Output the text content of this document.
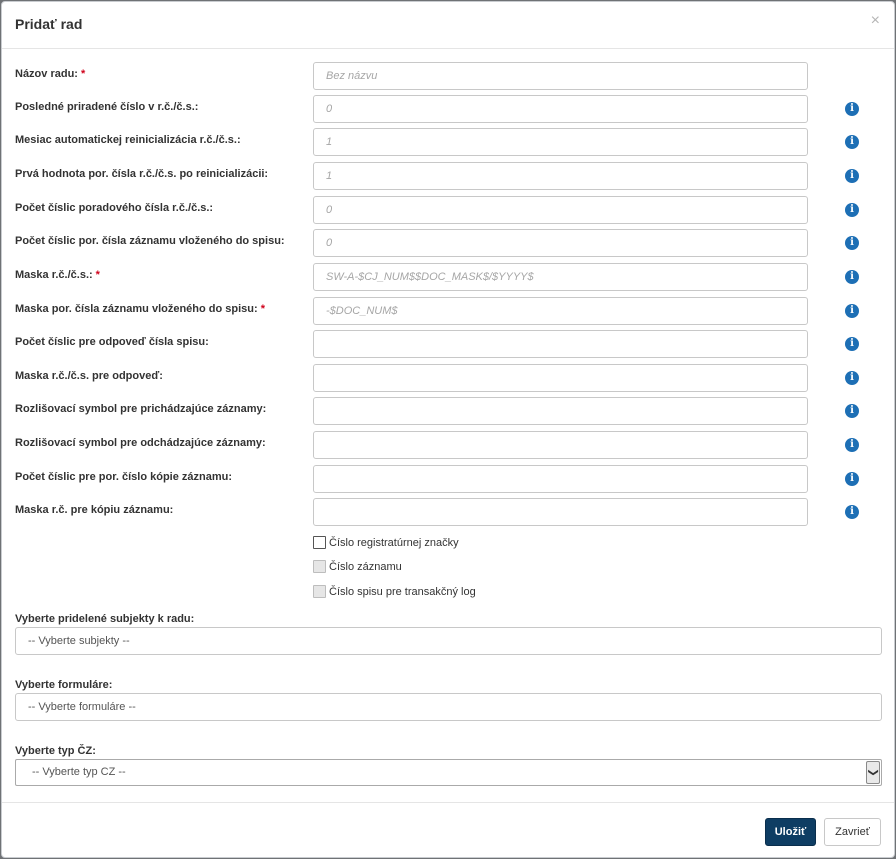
Pridať rad	×
Názov radu: *
Bez názvu
Posledné priradené číslo v r.č./č.s.:
0	i
Mesiac automatickej reinicializácia r.č./č.s.:
1	i
Prvá hodnota por. čísla r.č./č.s. po reinicializácii:
1	i
Počet číslic poradového čísla r.č./č.s.:
0	i
Počet číslic por. čísla záznamu vloženého do spisu:
0	i
Maska r.č./č.s.: *
SW-A-$CJ_NUM$$DOC_MASK$/$YYYY$	i
Maska por. čísla záznamu vloženého do spisu: *
-$DOC_NUM$	i
Počet číslic pre odpoveď čísla spisu:	i
Maska r.č./č.s. pre odpoveď:	i
Rozlišovací symbol pre prichádzajúce záznamy:	i
Rozlišovací symbol pre odchádzajúce záznamy:	i
Počet číslic pre por. číslo kópie záznamu:	i
Maska r.č. pre kópiu záznamu:	i
Číslo registratúrnej značky
Číslo záznamu
Číslo spisu pre transakčný log
Vyberte pridelené subjekty k radu:
-- Vyberte subjekty --
Vyberte formuláre:
-- Vyberte formuláre --
Vyberte typ ČZ:
-- Vyberte typ CZ --	❯
Uložiť	Zavrieť
